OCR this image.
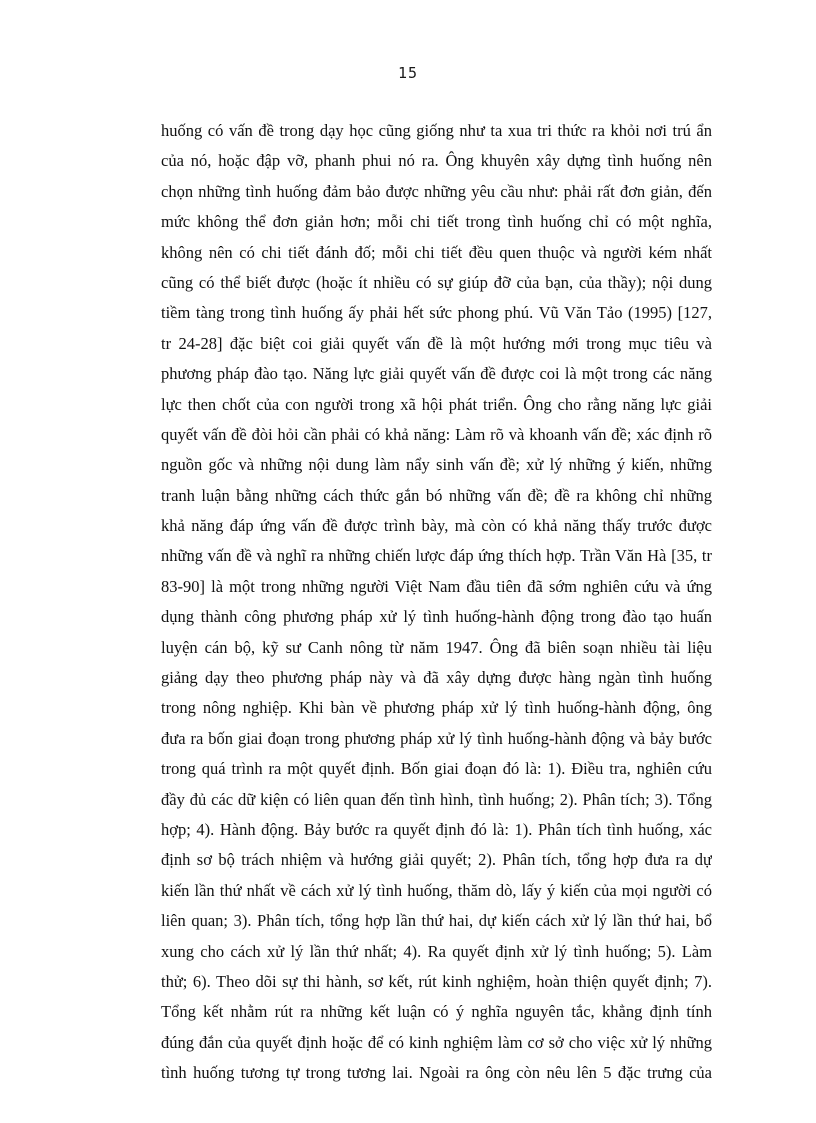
15
huống có vấn đề trong dạy học cũng giống như ta xua tri thức ra khỏi nơi trú ẩn
của nó, hoặc đập vỡ, phanh phui nó ra. Ông khuyên xây dựng tình huống nên
chọn những tình huống đảm bảo được những yêu cầu như: phải rất đơn giản, đến
mức không thể đơn giản hơn; mỗi chi tiết trong tình huống chỉ có một nghĩa,
không nên có chi tiết đánh đố; mỗi chi tiết đều quen thuộc và người kém nhất
cũng có thể biết được (hoặc ít nhiều có sự giúp đỡ của bạn, của thầy); nội dung
tiềm tàng trong tình huống ấy phải hết sức phong phú. Vũ Văn Tảo (1995) [127,
tr 24-28] đặc biệt coi giải quyết vấn đề là một hướng mới trong mục tiêu và
phương pháp đào tạo. Năng lực giải quyết vấn đề được coi là một trong các năng
lực then chốt của con người trong xã hội phát triển. Ông cho rằng năng lực giải
quyết vấn đề đòi hỏi cần phải có khả năng: Làm rõ và khoanh vấn đề; xác định rõ
nguồn gốc và những nội dung làm nẩy sinh vấn đề; xử lý những ý kiến, những
tranh luận bằng những cách thức gắn bó những vấn đề; đề ra không chỉ những
khả năng đáp ứng vấn đề được trình bày, mà còn có khả năng thấy trước được
những vấn đề và nghĩ ra những chiến lược đáp ứng thích hợp. Trần Văn Hà [35, tr
83-90] là một trong những người Việt Nam đầu tiên đã sớm nghiên cứu và ứng
dụng thành công phương pháp xử lý tình huống-hành động trong đào tạo huấn
luyện cán bộ, kỹ sư Canh nông từ năm 1947. Ông đã biên soạn nhiều tài liệu
giảng dạy theo phương pháp này và đã xây dựng được hàng ngàn tình huống
trong nông nghiệp. Khi bàn về phương pháp xử lý tình huống-hành động, ông
đưa ra bốn giai đoạn trong phương pháp xử lý tình huống-hành động và bảy bước
trong quá trình ra một quyết định. Bốn giai đoạn đó là: 1). Điều tra, nghiên cứu
đầy đủ các dữ kiện có liên quan đến tình hình, tình huống; 2). Phân tích; 3). Tổng
hợp; 4). Hành động. Bảy bước ra quyết định đó là: 1). Phân tích tình huống, xác
định sơ bộ trách nhiệm và hướng giải quyết; 2). Phân tích, tổng hợp đưa ra dự
kiến lần thứ nhất về cách xử lý tình huống, thăm dò, lấy ý kiến của mọi người có
liên quan; 3). Phân tích, tổng hợp lần thứ hai, dự kiến cách xử lý lần thứ hai, bổ
xung cho cách xử lý lần thứ nhất; 4). Ra quyết định xử lý tình huống; 5). Làm
thử; 6). Theo dõi sự thi hành, sơ kết, rút kinh nghiệm, hoàn thiện quyết định; 7).
Tổng kết nhằm rút ra những kết luận có ý nghĩa nguyên tắc, khẳng định tính
đúng đắn của quyết định hoặc để có kinh nghiệm làm cơ sở cho việc xử lý những
tình huống tương tự trong tương lai. Ngoài ra ông còn nêu lên 5 đặc trưng của
